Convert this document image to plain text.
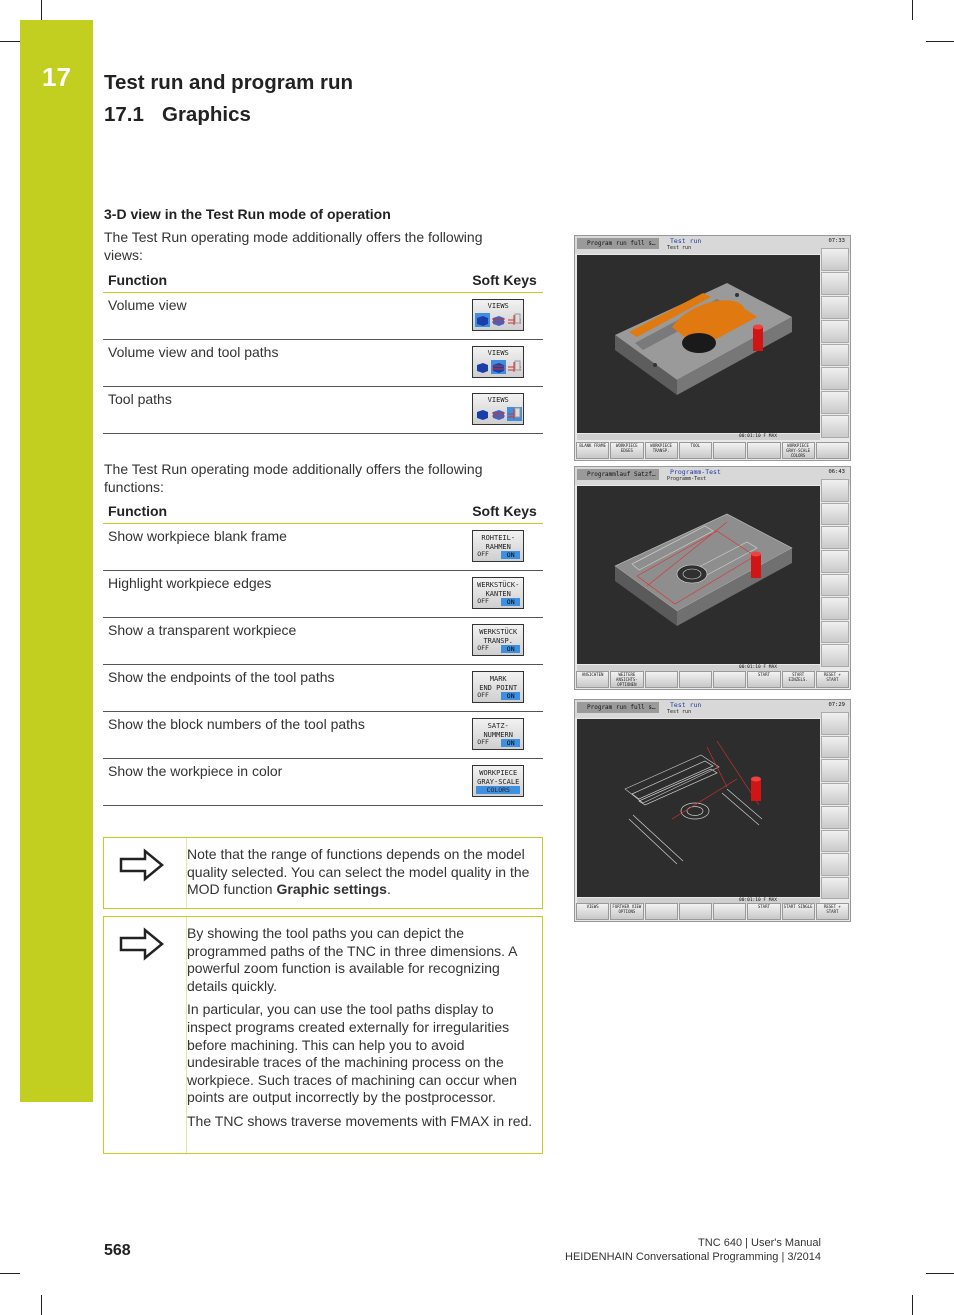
17	Test run and program run
17.1 Graphics
3-D view in the Test Run mode of operation
The Test Run operating mode additionally offers the following views:
Function	Soft Keys
Volume view	VIEWS

Volume view and tool paths	VIEWS

Tool paths	VIEWS
The Test Run operating mode additionally offers the following functions:
Function	Soft Keys
Show workpiece blank frame	ROHTEIL-
RAHMEN
OFF ON

Highlight workpiece edges	WERKSTÜCK-
KANTEN
OFF ON

Show a transparent workpiece	WERKSTÜCK
TRANSP.
OFF ON

Show the endpoints of the tool paths	MARK
END POINT
OFF ON

Show the block numbers of the tool paths	SATZ-
NUMMERN
OFF ON

Show the workpiece in color	WORKPIECE
GRAY-SCALE
COLORS
Note that the range of functions depends on the model quality selected. You can select the model quality in the MOD function Graphic settings.

By showing the tool paths you can depict the programmed paths of the TNC in three dimensions. A powerful zoom function is available for recognizing details quickly.

In particular, you can use the tool paths display to inspect programs created externally for irregularities before machining. This can help you to avoid undesirable traces of the machining process on the workpiece. Such traces of machining can occur when points are output incorrectly by the postprocessor.

The TNC shows traverse movements with FMAX in red.

Program run full s…	Test run
Test run
07:33
00:01:10 F MAX
BLANK FRAME	WORKPIECE EDGES
WORKPIECE TRANSP.
TOOL	WORKPIECE GRAY-SCALE COLORS
Programmlauf Satzf…	Programm-Test
Programm-Test
06:43
00:01:10 F MAX
ANSICHTEN	WEITERE ANSICHTS-OPTIONEN
START	START EINZELS.
RESET + START
Program run full s…	Test run
Test run
07:29
00:01:10 F MAX
VIEWS	FURTHER VIEW OPTIONS
START	START SINGLE	RESET + START
568	TNC 640 | User's Manual
HEIDENHAIN Conversational Programming | 3/2014
